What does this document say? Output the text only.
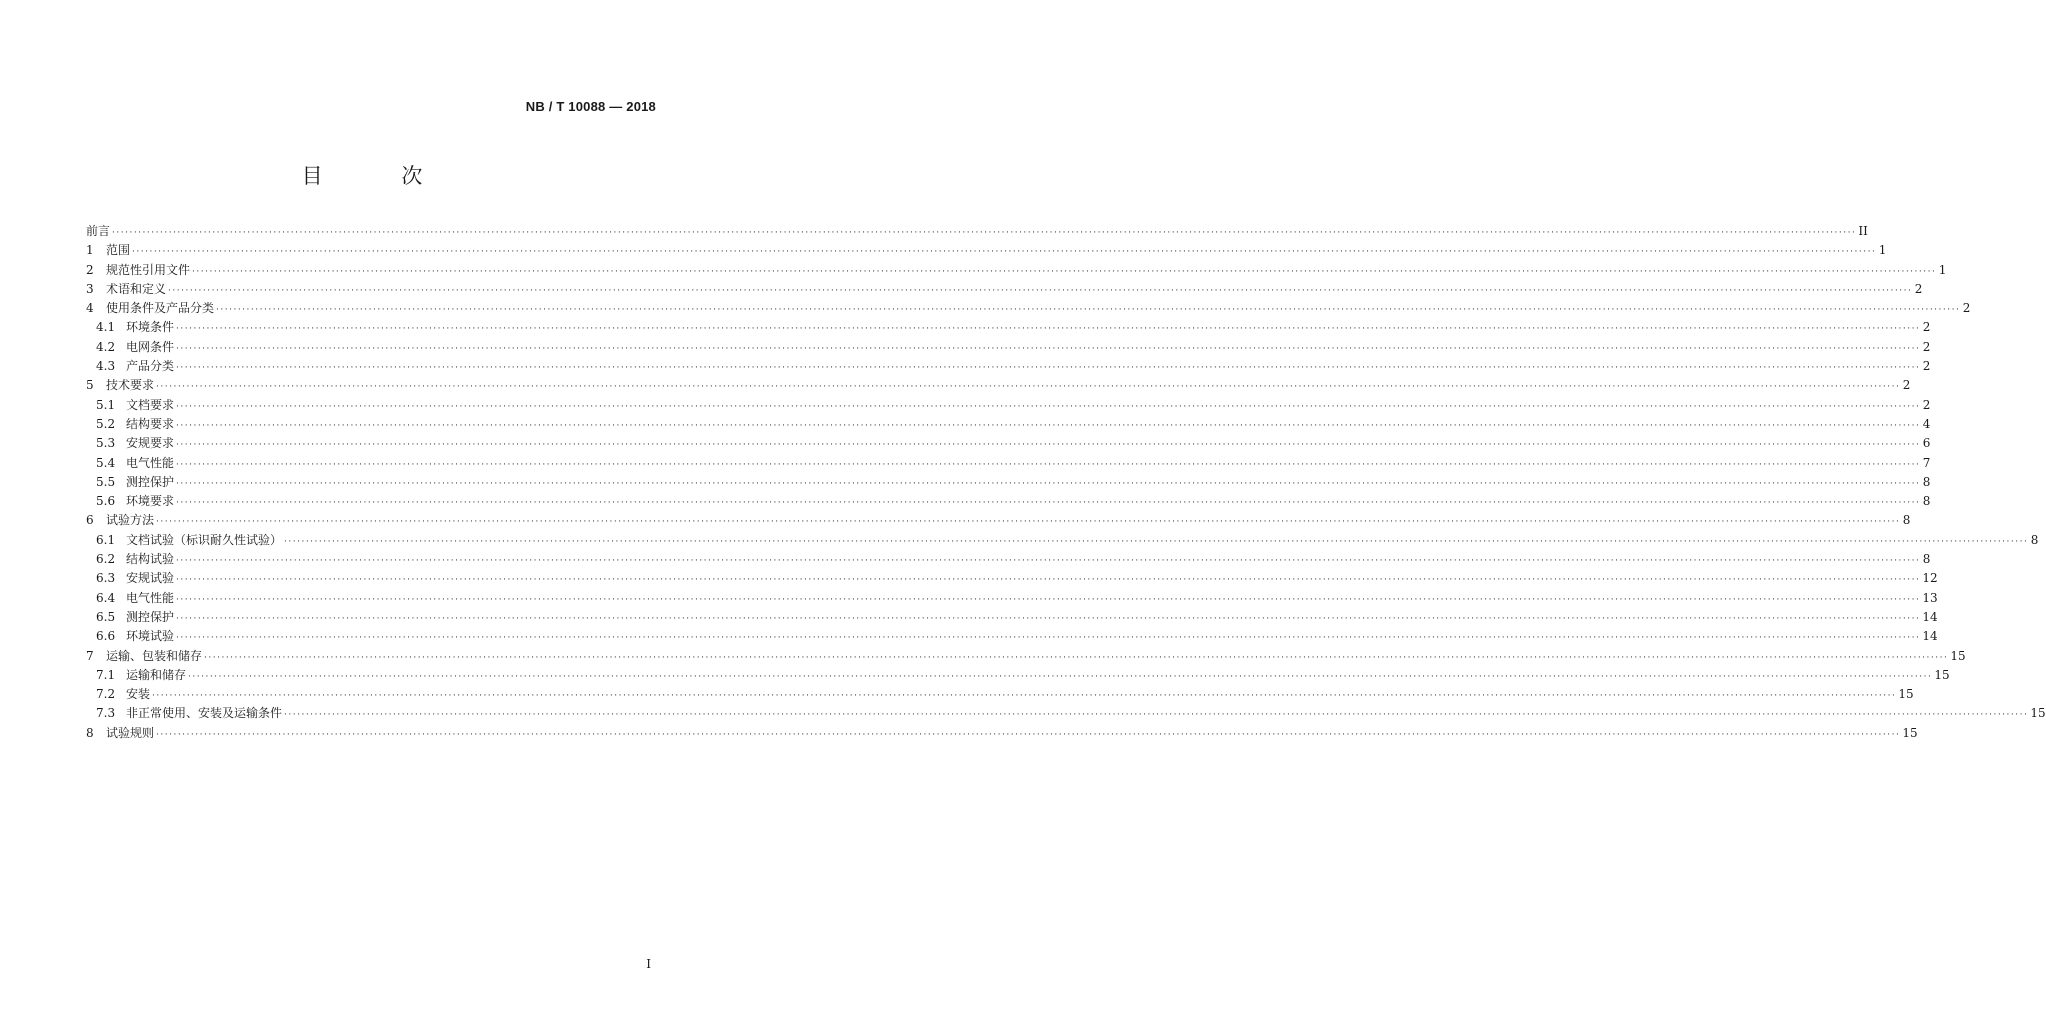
NB / T 10088 — 2018
目 次
前言 ················································································································································································································································································································································································································ II
1	范围 ················································································································································································································································································································································································································ 1
2	规范性引用文件 ················································································································································································································································································································································································································ 1
3	术语和定义 ················································································································································································································································································································································································································ 2
4	使用条件及产品分类 ················································································································································································································································································································································································································ 2
4.1 环境条件 ················································································································································································································································································································································································································ 2
4.2 电网条件 ················································································································································································································································································································································································································ 2
4.3 产品分类 ················································································································································································································································································································································································································ 2
5	技术要求 ················································································································································································································································································································································································································ 2
5.1 文档要求 ················································································································································································································································································································································································································ 2
5.2 结构要求 ················································································································································································································································································································································································································ 4
5.3 安规要求 ················································································································································································································································································································································································································ 6
5.4 电气性能 ················································································································································································································································································································································································································ 7
5.5 测控保护 ················································································································································································································································································································································································································ 8
5.6 环境要求 ················································································································································································································································································································································································································ 8
6	试验方法 ················································································································································································································································································································································································································ 8
6.1 文档试验（标识耐久性试验） ················································································································································································································································································································································································································ 8
6.2 结构试验 ················································································································································································································································································································································································································ 8
6.3 安规试验 ················································································································································································································································································································································································································ 12
6.4 电气性能 ················································································································································································································································································································································································································ 13
6.5 测控保护 ················································································································································································································································································································································································································ 14
6.6 环境试验 ················································································································································································································································································································································································································ 14
7	运输、包装和储存 ················································································································································································································································································································································································································ 15
7.1 运输和储存 ················································································································································································································································································································································································································ 15
7.2 安装 ················································································································································································································································································································································································································ 15
7.3 非正常使用、安装及运输条件 ················································································································································································································································································································································································································ 15
8	试验规则 ················································································································································································································································································································································································································ 15
I
